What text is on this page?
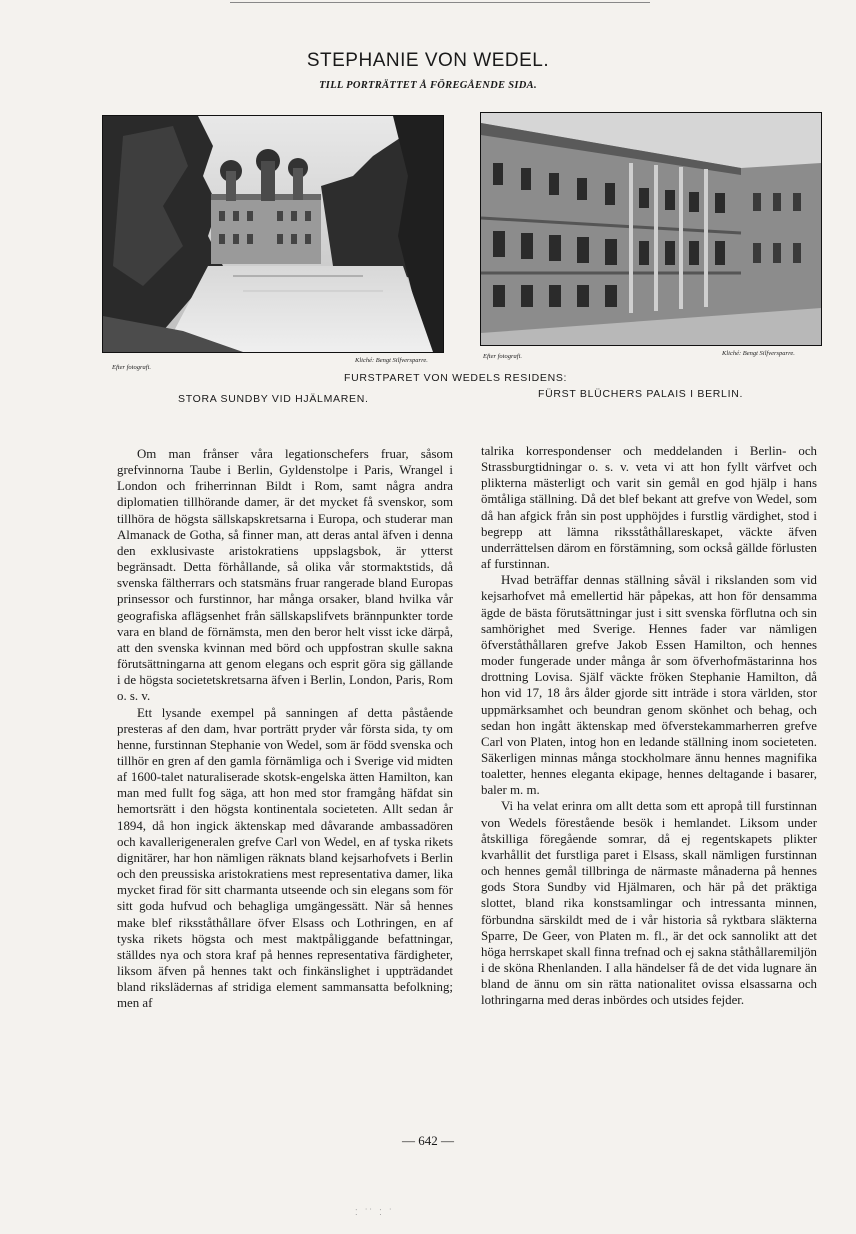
STEPHANIE VON WEDEL.
TILL PORTRÄTTET Å FÖREGÅENDE SIDA.
Efter fotografi.
Kliché: Bengt Silfversparre.
Efter fotografi.	Kliché: Bengt Silfversparre.
FURSTPARET VON WEDELS RESIDENS:
STORA SUNDBY VID HJÄLMAREN.	FÜRST BLÜCHERS PALAIS I BERLIN.

Om man frånser våra legationschefers fruar, såsom grefvinnorna Taube i Berlin, Gyldenstolpe i Paris, Wrangel i London och friherrinnan Bildt i Rom, samt några andra diplomatien tillhörande damer, är det mycket få svenskor, som tillhöra de högsta sällskapskretsarna i Europa, och studerar man Almanack de Gotha, så finner man, att deras antal äfven i denna den exklusivaste aristokratiens uppslagsbok, är ytterst begränsadt. Detta förhållande, så olika vår stormaktstids, då svenska fältherrars och statsmäns fruar rangerade bland Europas prinsessor och furstinnor, har många orsaker, bland hvilka vår geografiska aflägsenhet från sällskapslifvets brännpunkter torde vara en bland de förnämsta, men den beror helt visst icke därpå, att den svenska kvinnan med börd och uppfostran skulle sakna förutsättningarna att genom elegans och esprit göra sig gällande i de högsta societetskretsarna äfven i Berlin, London, Paris, Rom o. s. v.

Ett lysande exempel på sanningen af detta påstående presteras af den dam, hvar porträtt pryder vår första sida, ty om henne, furstinnan Stephanie von Wedel, som är född svenska och tillhör en gren af den gamla förnämliga och i Sverige vid midten af 1600-talet naturaliserade skotsk-engelska ätten Hamilton, kan man med fullt fog säga, att hon med stor framgång häfdat sin hemortsrätt i den högsta kontinentala societeten. Allt sedan år 1894, då hon ingick äktenskap med dåvarande ambassadören och kavallerigeneralen grefve Carl von Wedel, en af tyska rikets dignitärer, har hon nämligen räknats bland kejsarhofvets i Berlin och den preussiska aristokratiens mest representativa damer, lika mycket firad för sitt charmanta utseende och sin elegans som för sitt goda hufvud och behagliga umgängessätt. När så hennes make blef riksståthållare öfver Elsass och Lothringen, en af tyska rikets högsta och mest maktpåliggande befattningar, ställdes nya och stora kraf på hennes representativa färdigheter, liksom äfven på hennes takt och finkänslighet i uppträdandet bland rikslädernas af stridiga element sammansatta befolkning; men af

talrika korrespondenser och meddelanden i Berlin- och Strassburgtidningar o. s. v. veta vi att hon fyllt värfvet och plikterna mästerligt och varit sin gemål en god hjälp i hans ömtåliga ställning. Då det blef bekant att grefve von Wedel, som då han afgick från sin post upphöjdes i furstlig värdighet, stod i begrepp att lämna riksståthållareskapet, väckte äfven underrättelsen därom en förstämning, som också gällde förlusten af furstinnan.

Hvad beträffar dennas ställning såväl i rikslanden som vid kejsarhofvet må emellertid här påpekas, att hon för densamma ägde de bästa förutsättningar just i sitt svenska förflutna och sin samhörighet med Sverige. Hennes fader var nämligen öfverståthållaren grefve Jakob Essen Hamilton, och hennes moder fungerade under många år som öfverhofmästarinna hos drottning Lovisa. Själf väckte fröken Stephanie Hamilton, då hon vid 17, 18 års ålder gjorde sitt inträde i stora världen, stor uppmärksamhet och beundran genom skönhet och behag, och sedan hon ingått äktenskap med öfverstekammarherren grefve Carl von Platen, intog hon en ledande ställning inom societeten. Säkerligen minnas många stockholmare ännu hennes magnifika toaletter, hennes eleganta ekipage, hennes deltagande i basarer, baler m. m.

Vi ha velat erinra om allt detta som ett apropå till furstinnan von Wedels förestående besök i hemlandet. Liksom under åtskilliga föregående somrar, då ej regentskapets plikter kvarhållit det furstliga paret i Elsass, skall nämligen furstinnan och hennes gemål tillbringa de närmaste månaderna på hennes gods Stora Sundby vid Hjälmaren, och här på det präktiga slottet, bland rika konstsamlingar och intressanta minnen, förbundna särskildt med de i vår historia så ryktbara släkterna Sparre, De Geer, von Platen m. fl., är det ock sannolikt att det höga herrskapet skall finna trefnad och ej sakna ståthållaremiljön i de sköna Rhenlanden. I alla händelser få de det vida lugnare än bland de ännu om sin rätta nationalitet ovissa elsassarna och lothringarna med deras inbördes och utsides fejder.

— 642 —
⁚ ˙ ̇ ⁚ ˙
